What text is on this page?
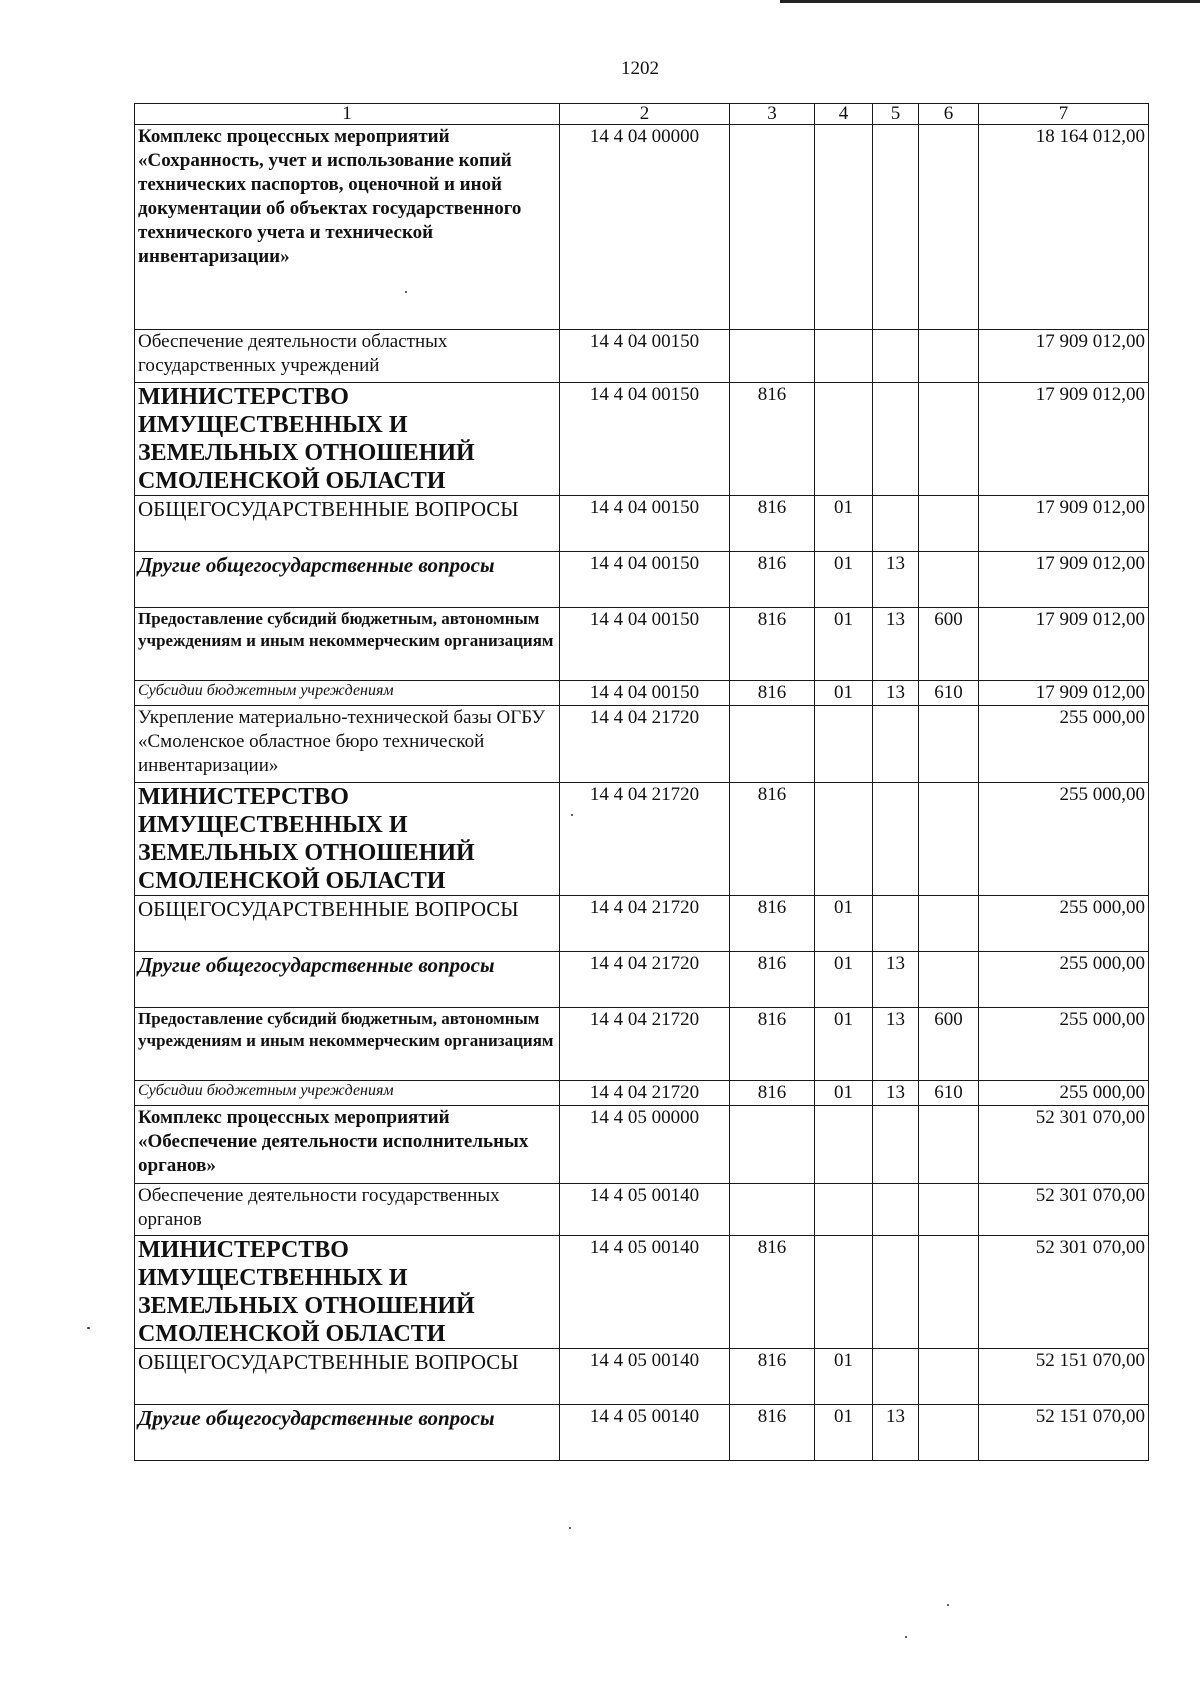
1202
1	2	3	4	5	6	7
Комплекс процессных мероприятий «Сохранность, учет и использование копий технических паспортов, оценочной и иной документации об объектах государственного технического учета и технической инвентаризации»	14 4 04 00000					18 164 012,00
Обеспечение деятельности областных государственных учреждений	14 4 04 00150					17 909 012,00
МИНИСТЕРСТВО ИМУЩЕСТВЕННЫХ И ЗЕМЕЛЬНЫХ ОТНОШЕНИЙ СМОЛЕНСКОЙ ОБЛАСТИ	14 4 04 00150	816				17 909 012,00
ОБЩЕГОСУДАРСТВЕННЫЕ ВОПРОСЫ	14 4 04 00150	816	01			17 909 012,00
Другие общегосударственные вопросы	14 4 04 00150	816	01	13		17 909 012,00
Предоставление субсидий бюджетным, автономным учреждениям и иным некоммерческим организациям	14 4 04 00150	816	01	13	600	17 909 012,00
Субсидии бюджетным учреждениям	14 4 04 00150	816	01	13	610	17 909 012,00
Укрепление материально-технической базы ОГБУ «Смоленское областное бюро технической инвентаризации»	14 4 04 21720					255 000,00
МИНИСТЕРСТВО ИМУЩЕСТВЕННЫХ И ЗЕМЕЛЬНЫХ ОТНОШЕНИЙ СМОЛЕНСКОЙ ОБЛАСТИ	14 4 04 21720	816				255 000,00
ОБЩЕГОСУДАРСТВЕННЫЕ ВОПРОСЫ	14 4 04 21720	816	01			255 000,00
Другие общегосударственные вопросы	14 4 04 21720	816	01	13		255 000,00
Предоставление субсидий бюджетным, автономным учреждениям и иным некоммерческим организациям	14 4 04 21720	816	01	13	600	255 000,00
Субсидии бюджетным учреждениям	14 4 04 21720	816	01	13	610	255 000,00
Комплекс процессных мероприятий «Обеспечение деятельности исполнительных органов»	14 4 05 00000					52 301 070,00
Обеспечение деятельности государственных органов	14 4 05 00140					52 301 070,00
МИНИСТЕРСТВО ИМУЩЕСТВЕННЫХ И ЗЕМЕЛЬНЫХ ОТНОШЕНИЙ СМОЛЕНСКОЙ ОБЛАСТИ	14 4 05 00140	816				52 301 070,00
ОБЩЕГОСУДАРСТВЕННЫЕ ВОПРОСЫ	14 4 05 00140	816	01			52 151 070,00
Другие общегосударственные вопросы	14 4 05 00140	816	01	13		52 151 070,00
